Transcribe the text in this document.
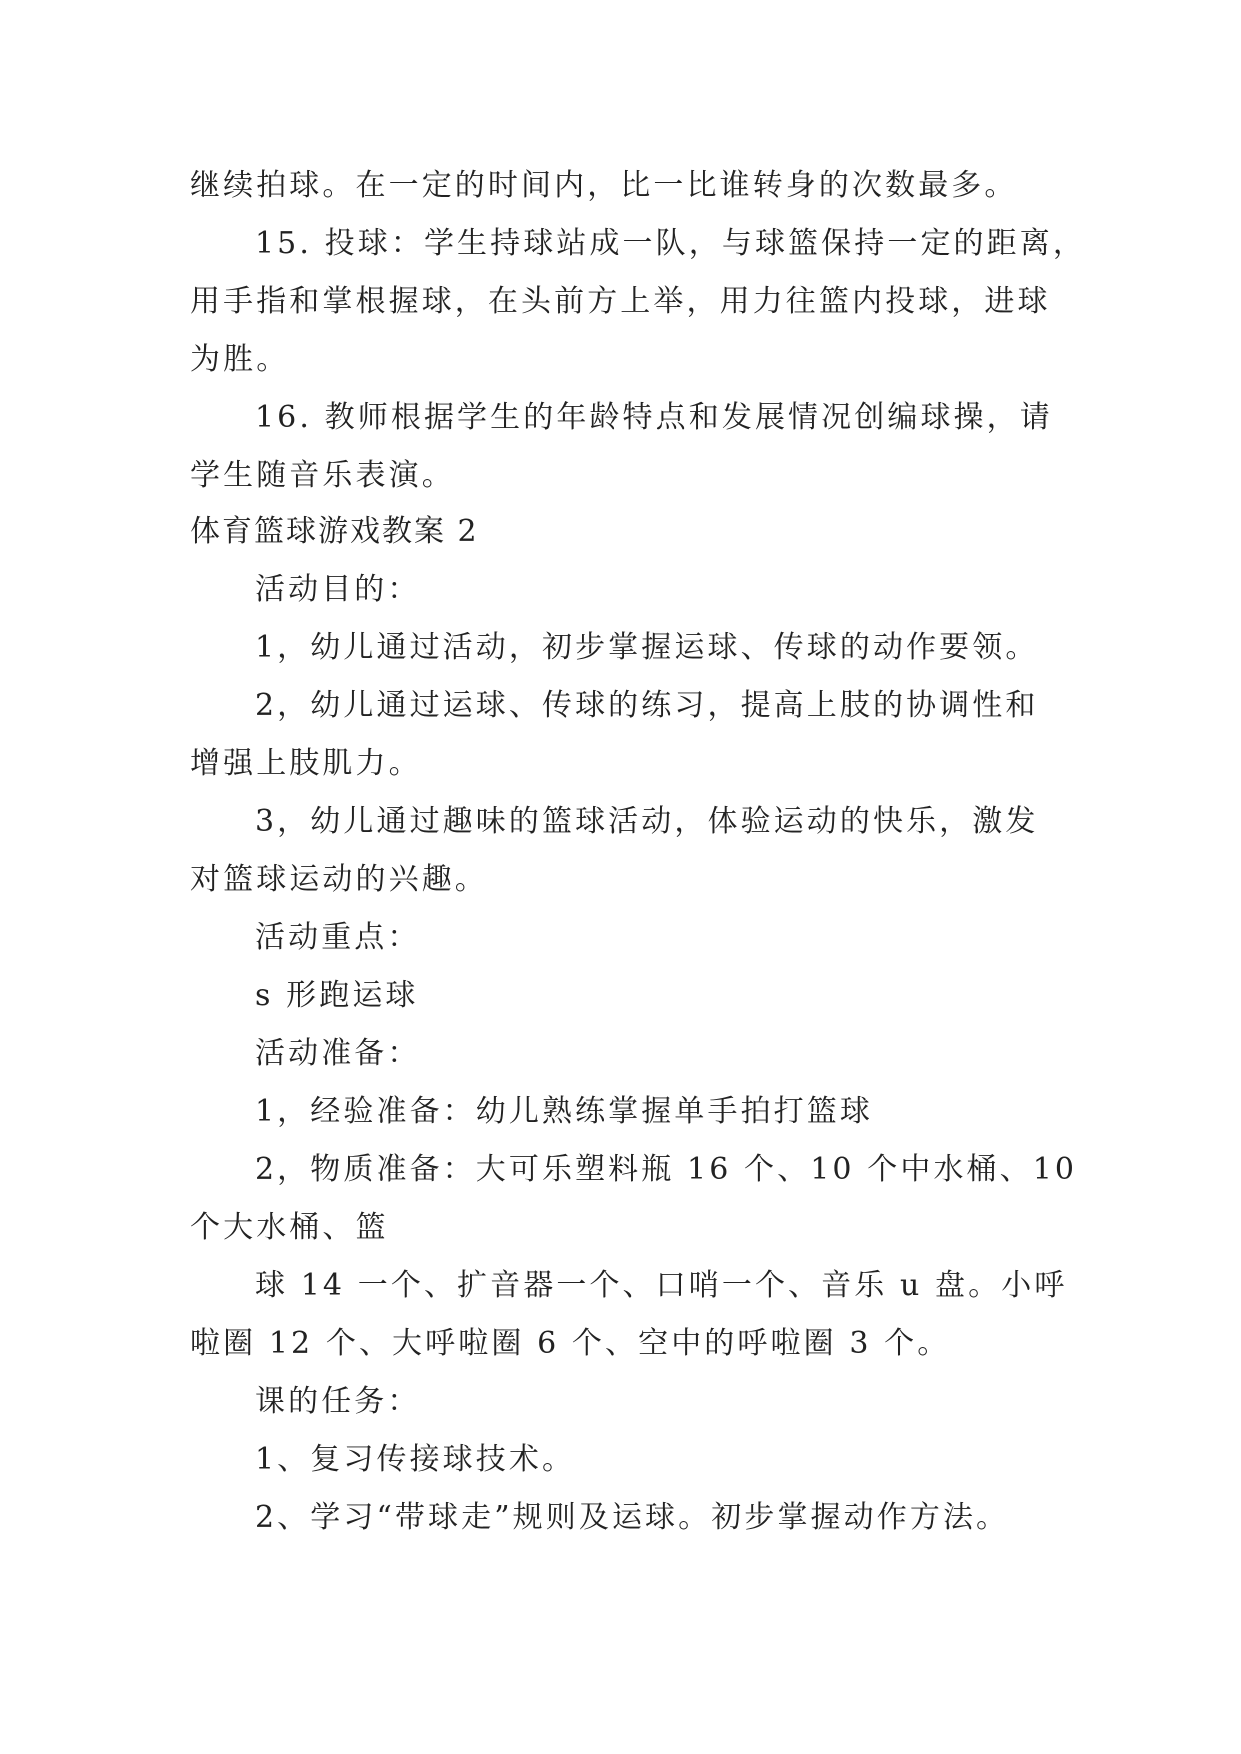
继续拍球。在一定的时间内，比一比谁转身的次数最多。
15. 投球：学生持球站成一队，与球篮保持一定的距离，
用手指和掌根握球，在头前方上举，用力往篮内投球，进球
为胜。
16. 教师根据学生的年龄特点和发展情况创编球操，请
学生随音乐表演。
体育篮球游戏教案 2
活动目的：
1，幼儿通过活动，初步掌握运球、传球的动作要领。
2，幼儿通过运球、传球的练习，提高上肢的协调性和
增强上肢肌力。
3，幼儿通过趣味的篮球活动，体验运动的快乐，激发
对篮球运动的兴趣。
活动重点：
s 形跑运球
活动准备：
1，经验准备：幼儿熟练掌握单手拍打篮球
2，物质准备：大可乐塑料瓶 16 个、10 个中水桶、10
个大水桶、篮
球 14 一个、扩音器一个、口哨一个、音乐 u 盘。小呼
啦圈 12 个、大呼啦圈 6 个、空中的呼啦圈 3 个。
课的任务：
1、复习传接球技术。
2、学习“带球走”规则及运球。初步掌握动作方法。
